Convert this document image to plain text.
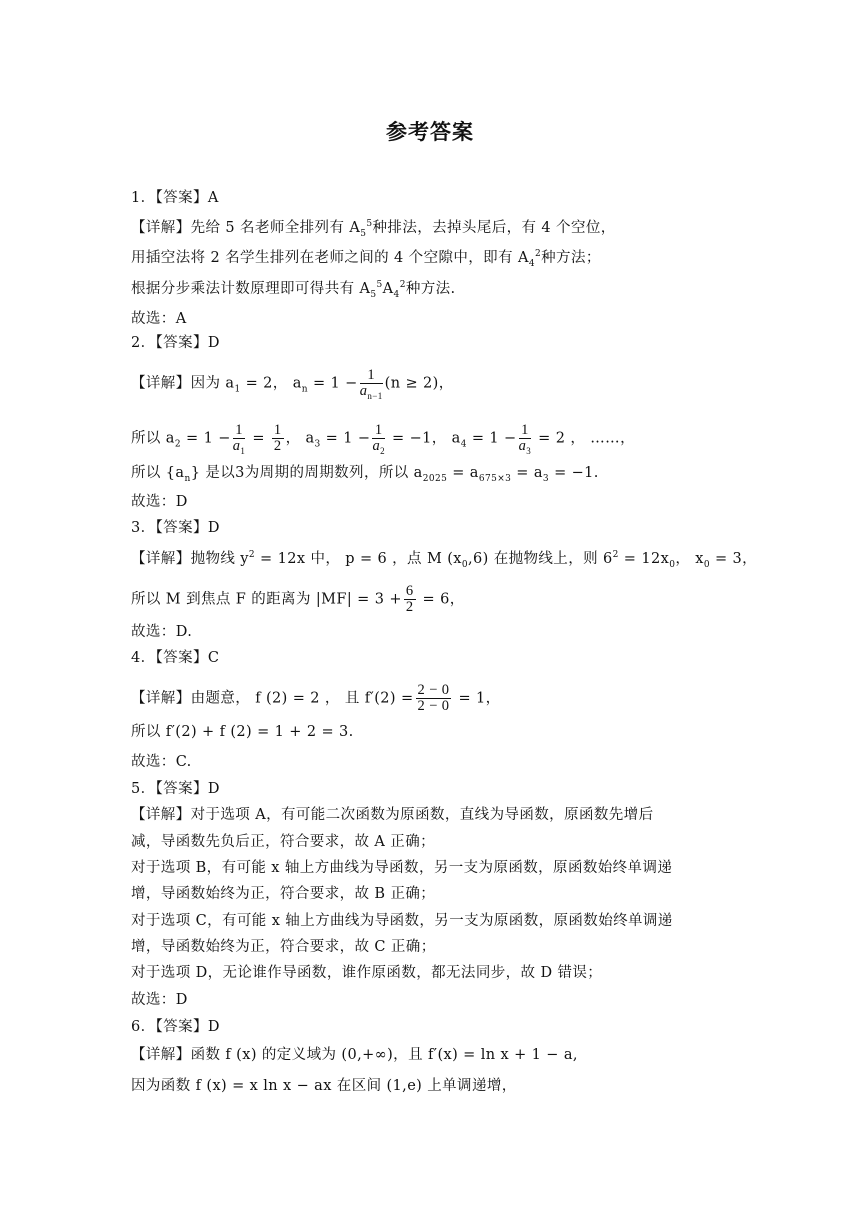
参考答案
1．【答案】A
【详解】先给 5 名老师全排列有 $A_5^5$种排法，去掉头尾后，有 4 个空位，
用插空法将 2 名学生排列在老师之间的 4 个空隙中，即有 $A_4^2$种方法；
根据分步乘法计数原理即可得共有 $A_5^5A_4^2$种方法.
故选：A
2．【答案】D
【详解】因为 $a_1 = 2$， $a_n = 1 - \frac{1}{a_{n-1}} (n \ge 2)$，
所以 $a_2 = 1 - \frac{1}{a_1} = \frac{1}{2}$ ， $a_3 = 1 - \frac{1}{a_2} = -1$， $a_4 = 1 - \frac{1}{a_3} = 2$ ， ……，
所以 $\{a_n\}$ 是以3为周期的周期数列，所以 $a_{2025} = a_{675\times 3} = a_3 = -1$.
故选：D
3．【答案】D
【详解】抛物线 $y^2 = 12x$ 中， p = 6 ，点 M $(x_0,6)$ 在抛物线上，则 $6^2 = 12x_0$， $x_0 = 3$，
所以 M 到焦点 F 的距离为 $|MF| = 3 + \frac{6}{2} = 6$，
故选：D.
4．【答案】C
【详解】由题意， f (2) = 2 ， 且 $f'(2) = \frac{2 - 0}{2 - 0} = 1$，
所以 f′(2) + f (2) = 1 + 2 = 3.
故选：C.
5．【答案】D
【详解】对于选项 A，有可能二次函数为原函数，直线为导函数，原函数先增后
减，导函数先负后正，符合要求，故 A 正确；
对于选项 B，有可能 x 轴上方曲线为导函数，另一支为原函数，原函数始终单调递
增，导函数始终为正，符合要求，故 B 正确；
对于选项 C，有可能 x 轴上方曲线为导函数，另一支为原函数，原函数始终单调递
增，导函数始终为正，符合要求，故 C 正确；
对于选项 D，无论谁作导函数，谁作原函数，都无法同步，故 D 错误；
故选：D
6．【答案】D
【详解】函数 f (x) 的定义域为 (0,+∞)，且 f′(x) = ln x + 1 − a,
因为函数 f (x) = x ln x − ax 在区间 (1,e) 上单调递增，
